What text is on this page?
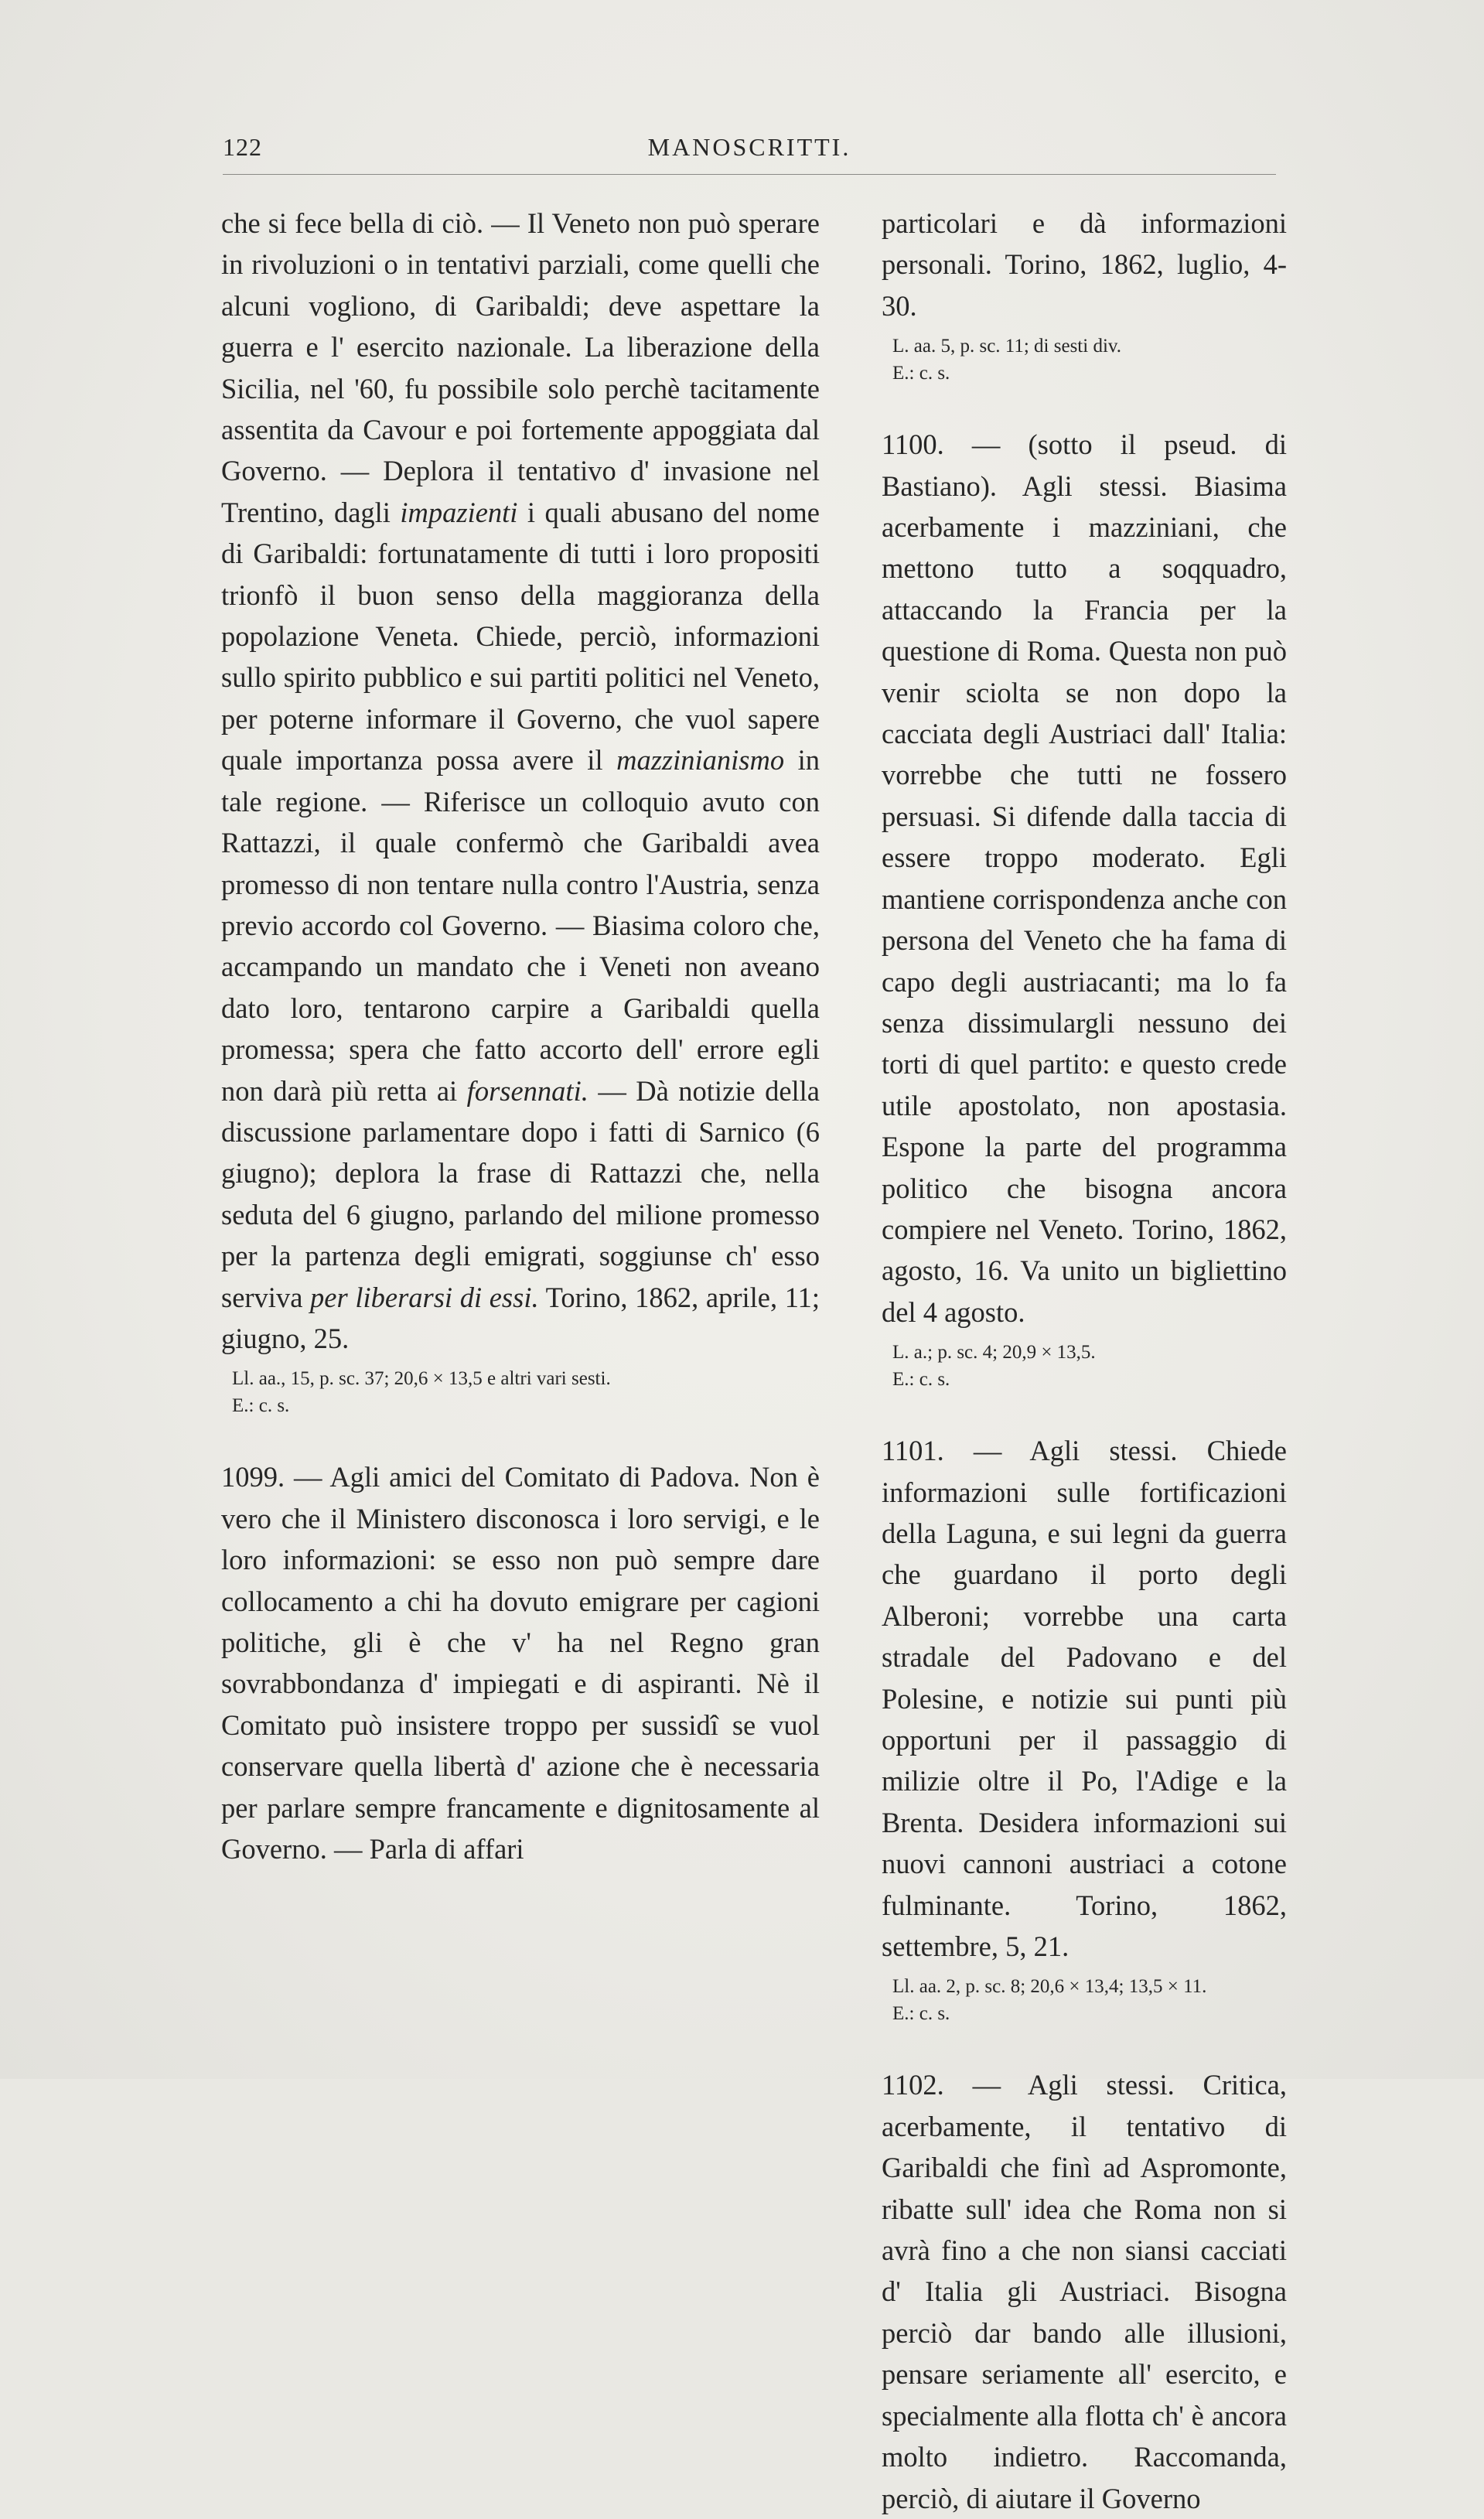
122	MANOSCRITTI.

che si fece bella di ciò. — Il Veneto non può sperare in rivoluzioni o in tentativi parziali, come quelli che alcuni vogliono, di Garibaldi; deve aspettare la guerra e l' esercito nazionale. La liberazione della Sicilia, nel '60, fu possibile solo perchè tacitamente assentita da Cavour e poi fortemente appoggiata dal Governo. — Deplora il tentativo d' invasione nel Trentino, dagli impazienti i quali abusano del nome di Garibaldi: fortunatamente di tutti i loro propositi trionfò il buon senso della maggioranza della popolazione Veneta. Chiede, perciò, informazioni sullo spirito pubblico e sui partiti politici nel Veneto, per poterne informare il Governo, che vuol sapere quale importanza possa avere il mazzinianismo in tale regione. — Riferisce un colloquio avuto con Rattazzi, il quale confermò che Garibaldi avea promesso di non tentare nulla contro l'Austria, senza previo accordo col Governo. — Biasima coloro che, accampando un mandato che i Veneti non aveano dato loro, tentarono carpire a Garibaldi quella promessa; spera che fatto accorto dell' errore egli non darà più retta ai forsennati. — Dà notizie della discussione parlamentare dopo i fatti di Sarnico (6 giugno); deplora la frase di Rattazzi che, nella seduta del 6 giugno, parlando del milione promesso per la partenza degli emigrati, soggiunse ch' esso serviva per liberarsi di essi. Torino, 1862, aprile, 11; giugno, 25.

Ll. aa., 15, p. sc. 37; 20,6 × 13,5 e altri vari sesti.
E.: c. s.

1099. — Agli amici del Comitato di Padova. Non è vero che il Ministero disconosca i loro servigi, e le loro informazioni: se esso non può sempre dare collocamento a chi ha dovuto emigrare per cagioni politiche, gli è che v' ha nel Regno gran sovrabbondanza d' impiegati e di aspiranti. Nè il Comitato può insistere troppo per sussidî se vuol conservare quella libertà d' azione che è necessaria per parlare sempre francamente e dignitosamente al Governo. — Parla di affari

particolari e dà informazioni personali. Torino, 1862, luglio, 4-30.

L. aa. 5, p. sc. 11; di sesti div.
E.: c. s.

1100. — (sotto il pseud. di Bastiano). Agli stessi. Biasima acerbamente i mazziniani, che mettono tutto a soqquadro, attaccando la Francia per la questione di Roma. Questa non può venir sciolta se non dopo la cacciata degli Austriaci dall' Italia: vorrebbe che tutti ne fossero persuasi. Si difende dalla taccia di essere troppo moderato. Egli mantiene corrispondenza anche con persona del Veneto che ha fama di capo degli austriacanti; ma lo fa senza dissimulargli nessuno dei torti di quel partito: e questo crede utile apostolato, non apostasia. Espone la parte del programma politico che bisogna ancora compiere nel Veneto. Torino, 1862, agosto, 16. Va unito un bigliettino del 4 agosto.

L. a.; p. sc. 4; 20,9 × 13,5.
E.: c. s.

1101. — Agli stessi. Chiede informazioni sulle fortificazioni della Laguna, e sui legni da guerra che guardano il porto degli Alberoni; vorrebbe una carta stradale del Padovano e del Polesine, e notizie sui punti più opportuni per il passaggio di milizie oltre il Po, l'Adige e la Brenta. Desidera informazioni sui nuovi cannoni austriaci a cotone fulminante. Torino, 1862, settembre, 5, 21.

Ll. aa. 2, p. sc. 8; 20,6 × 13,4; 13,5 × 11.
E.: c. s.

1102. — Agli stessi. Critica, acerbamente, il tentativo di Garibaldi che finì ad Aspromonte, ribatte sull' idea che Roma non si avrà fino a che non siansi cacciati d' Italia gli Austriaci. Bisogna perciò dar bando alle illusioni, pensare seriamente all' esercito, e specialmente alla flotta ch' è ancora molto indietro. Raccomanda, perciò, di aiutare il Governo
